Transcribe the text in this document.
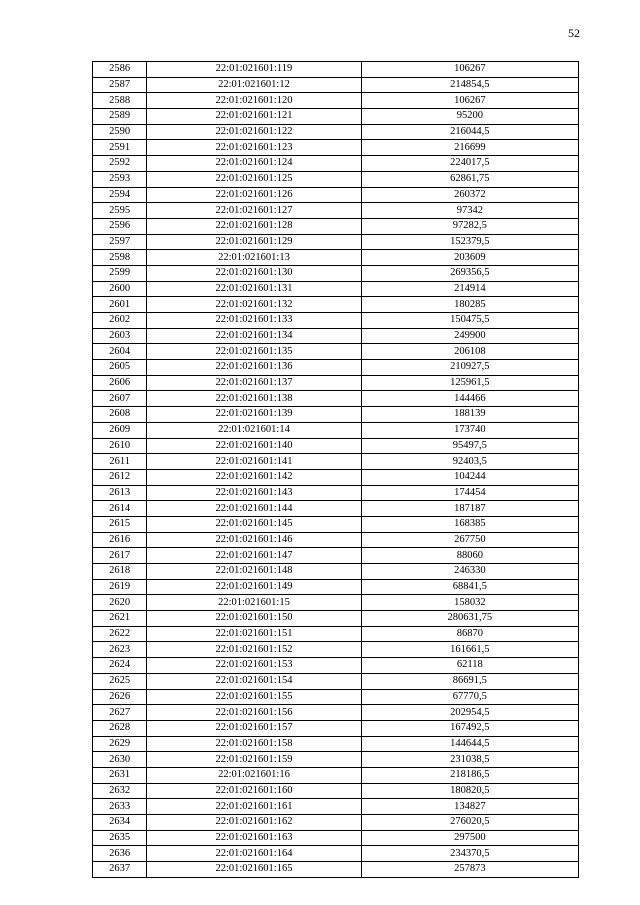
52
2586	22:01:021601:119	106267
2587	22:01:021601:12	214854,5
2588	22:01:021601:120	106267
2589	22:01:021601:121	95200
2590	22:01:021601:122	216044,5
2591	22:01:021601:123	216699
2592	22:01:021601:124	224017,5
2593	22:01:021601:125	62861,75
2594	22:01:021601:126	260372
2595	22:01:021601:127	97342
2596	22:01:021601:128	97282,5
2597	22:01:021601:129	152379,5
2598	22:01:021601:13	203609
2599	22:01:021601:130	269356,5
2600	22:01:021601:131	214914
2601	22:01:021601:132	180285
2602	22:01:021601:133	150475,5
2603	22:01:021601:134	249900
2604	22:01:021601:135	206108
2605	22:01:021601:136	210927,5
2606	22:01:021601:137	125961,5
2607	22:01:021601:138	144466
2608	22:01:021601:139	188139
2609	22:01:021601:14	173740
2610	22:01:021601:140	95497,5
2611	22:01:021601:141	92403,5
2612	22:01:021601:142	104244
2613	22:01:021601:143	174454
2614	22:01:021601:144	187187
2615	22:01:021601:145	168385
2616	22:01:021601:146	267750
2617	22:01:021601:147	88060
2618	22:01:021601:148	246330
2619	22:01:021601:149	68841,5
2620	22:01:021601:15	158032
2621	22:01:021601:150	280631,75
2622	22:01:021601:151	86870
2623	22:01:021601:152	161661,5
2624	22:01:021601:153	62118
2625	22:01:021601:154	86691,5
2626	22:01:021601:155	67770,5
2627	22:01:021601:156	202954,5
2628	22:01:021601:157	167492,5
2629	22:01:021601:158	144644,5
2630	22:01:021601:159	231038,5
2631	22:01:021601:16	218186,5
2632	22:01:021601:160	180820,5
2633	22:01:021601:161	134827
2634	22:01:021601:162	276020,5
2635	22:01:021601:163	297500
2636	22:01:021601:164	234370,5
2637	22:01:021601:165	257873
